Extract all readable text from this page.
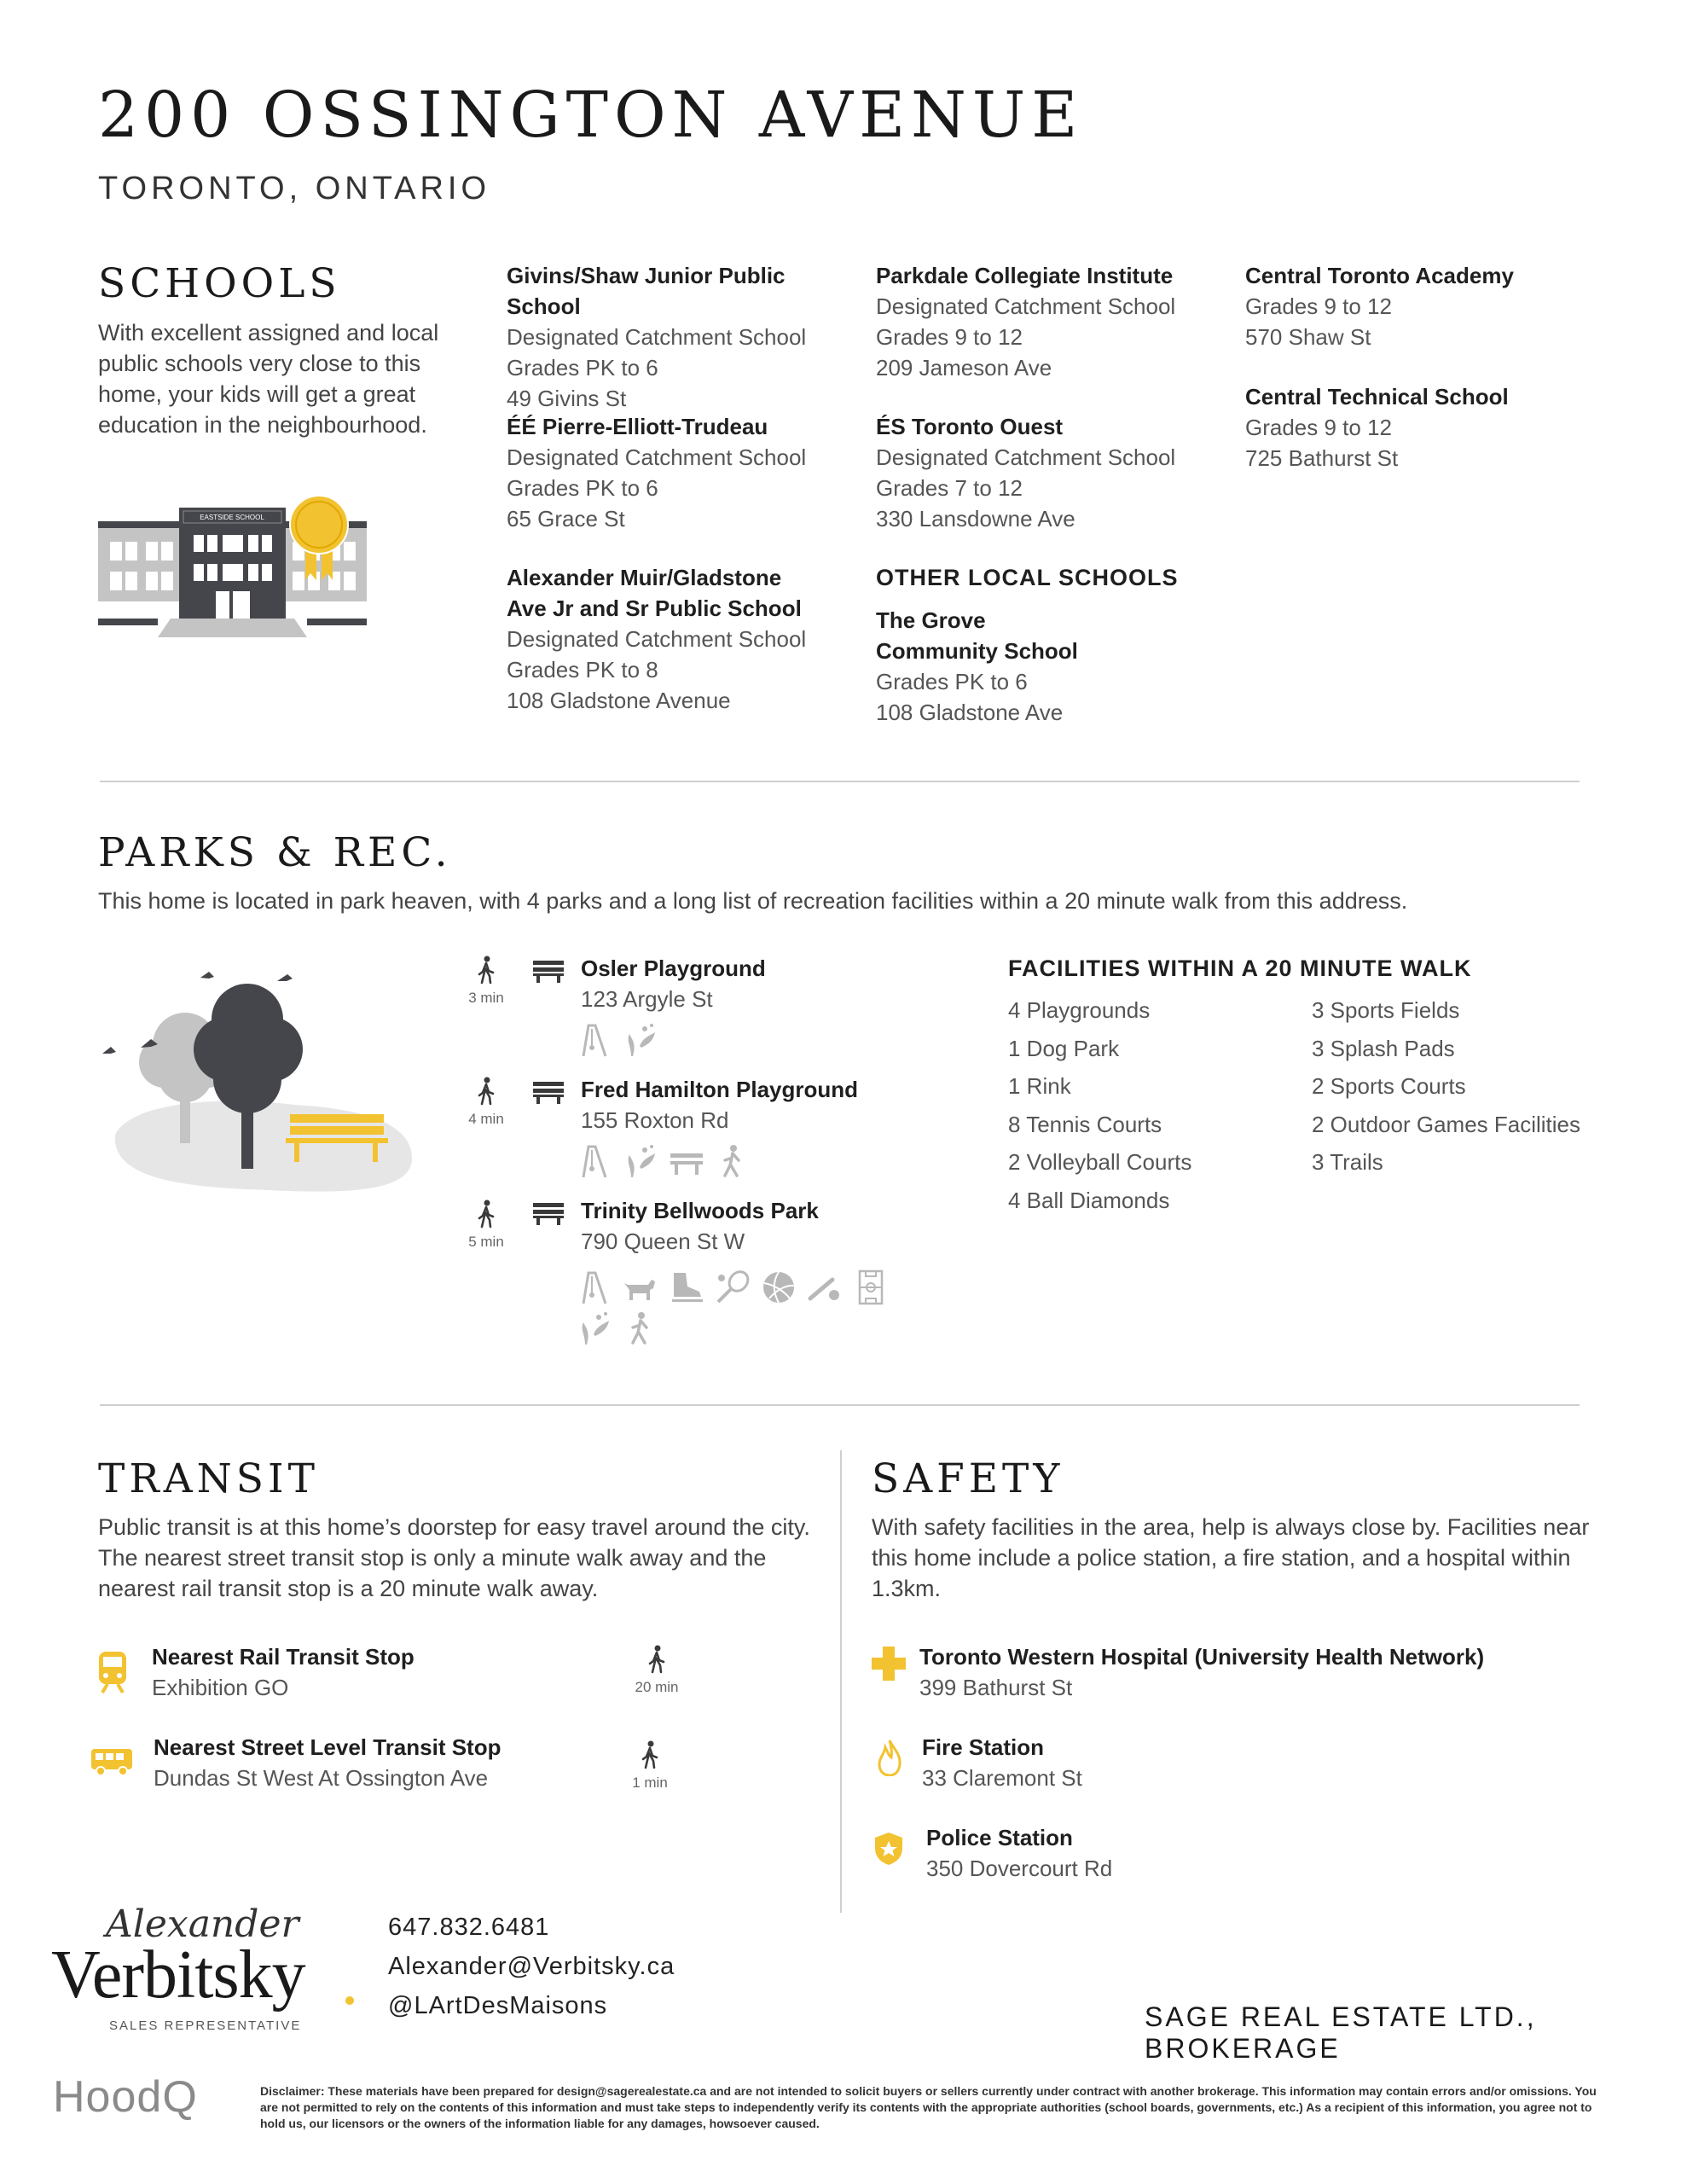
200 OSSINGTON AVENUE
TORONTO, ONTARIO
SCHOOLS
With excellent assigned and local public schools very close to this home, your kids will get a great education in the neighbourhood.
EASTSIDE SCHOOL
Givins/Shaw Junior Public School
Designated Catchment School
Grades PK to 6
49 Givins St
ÉÉ Pierre-Elliott-Trudeau
Designated Catchment School
Grades PK to 6
65 Grace St
Alexander Muir/Gladstone Ave Jr and Sr Public School
Designated Catchment School
Grades PK to 8
108 Gladstone Avenue
Parkdale Collegiate Institute
Designated Catchment School
Grades 9 to 12
209 Jameson Ave
ÉS Toronto Ouest
Designated Catchment School
Grades 7 to 12
330 Lansdowne Ave
OTHER LOCAL SCHOOLS
The Grove Community School
Grades PK to 6
108 Gladstone Ave
Central Toronto Academy
Grades 9 to 12
570 Shaw St
Central Technical School
Grades 9 to 12
725 Bathurst St
PARKS & REC.
This home is located in park heaven, with 4 parks and a long list of recreation facilities within a 20 minute walk from this address.
3 min
Osler Playground
123 Argyle St
4 min
Fred Hamilton Playground
155 Roxton Rd
5 min
Trinity Bellwoods Park
790 Queen St W
FACILITIES WITHIN A 20 MINUTE WALK
4 Playgrounds
1 Dog Park
1 Rink
8 Tennis Courts
2 Volleyball Courts
4 Ball Diamonds
3 Sports Fields
3 Splash Pads
2 Sports Courts
2 Outdoor Games Facilities
3 Trails
TRANSIT
Public transit is at this home’s doorstep for easy travel around the city. The nearest street transit stop is only a minute walk away and the nearest rail transit stop is a 20 minute walk away.
Nearest Rail Transit Stop
Exhibition GO	20 min
Nearest Street Level Transit Stop
Dundas St West At Ossington Ave	1 min
SAFETY
With safety facilities in the area, help is always close by. Facilities near this home include a police station, a fire station, and a hospital within 1.3km.
Toronto Western Hospital (University Health Network)
399 Bathurst St
Fire Station
33 Claremont St
Police Station
350 Dovercourt Rd
Alexander
Verbitsky
SALES REPRESENTATIVE
647.832.6481
Alexander@Verbitsky.ca
@LArtDesMaisons	SAGE REAL ESTATE LTD., BROKERAGE
HoodQ	Disclaimer: These materials have been prepared for design@sagerealestate.ca and are not intended to solicit buyers or sellers currently under contract with another brokerage. This information may contain errors and/or omissions. You are not permitted to rely on the contents of this information and must take steps to independently verify its contents with the appropriate authorities (school boards, governments, etc.) As a recipient of this information, you agree not to hold us, our licensors or the owners of the information liable for any damages, howsoever caused.
